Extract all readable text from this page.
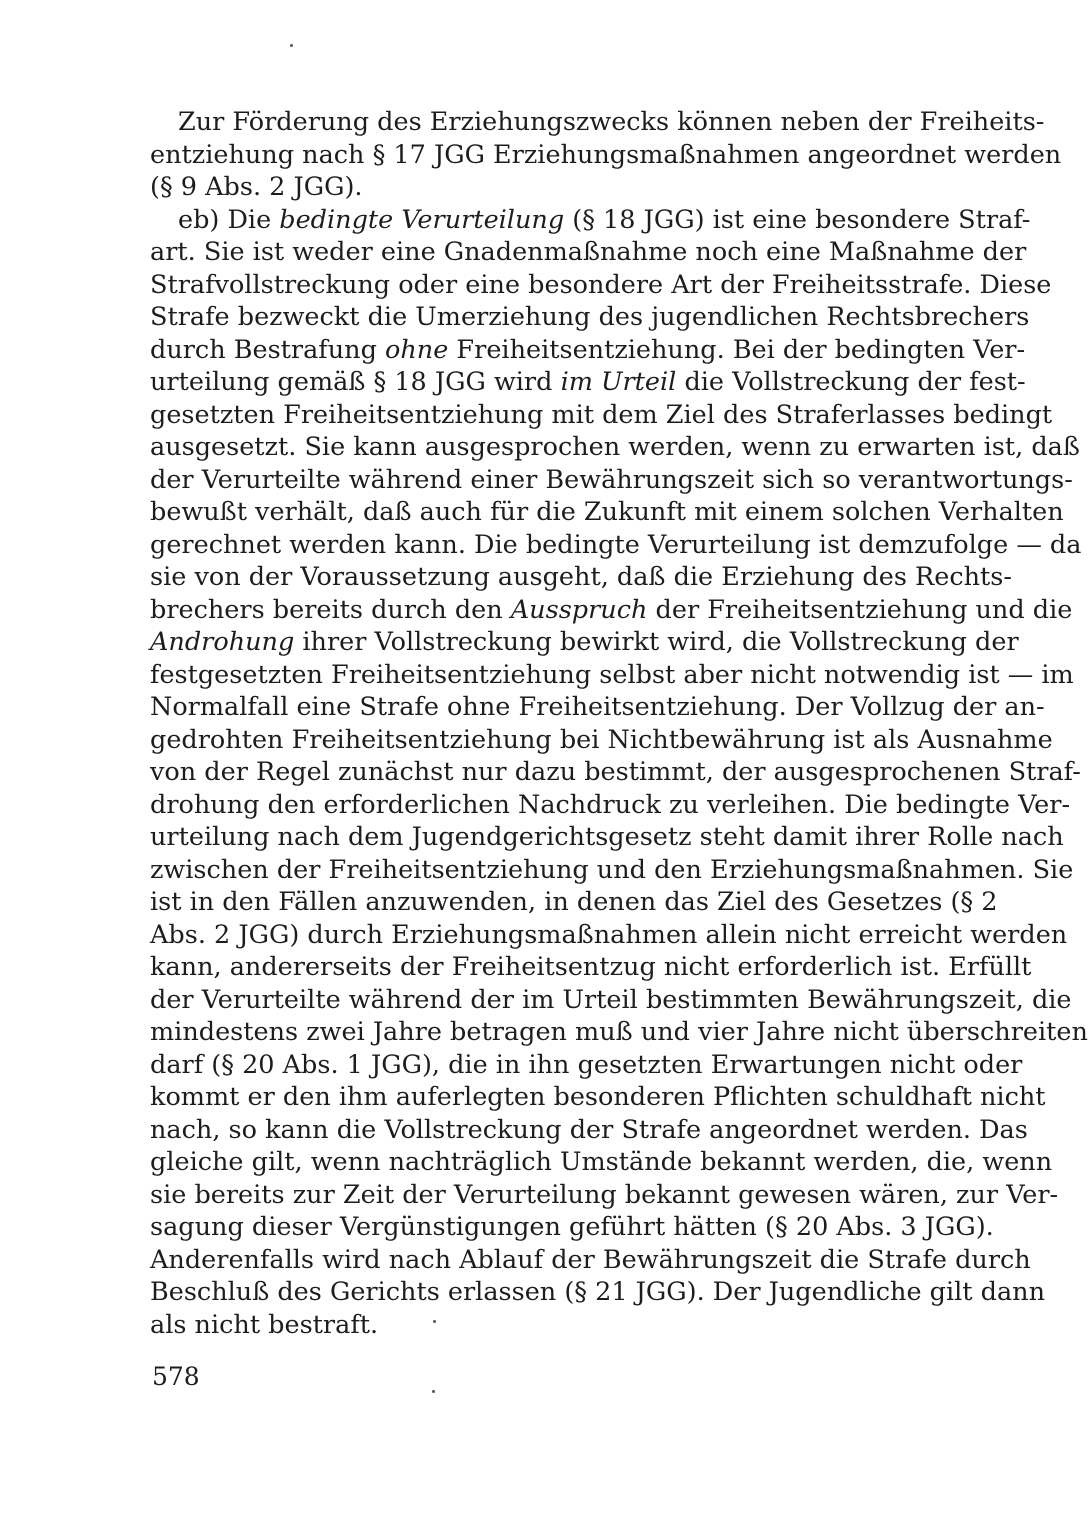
Zur Förderung des Erziehungszwecks können neben der Freiheits-
entziehung nach § 17 JGG Erziehungsmaßnahmen angeordnet werden
(§ 9 Abs. 2 JGG).

eb) Die bedingte Verurteilung (§ 18 JGG) ist eine besondere Straf-
art. Sie ist weder eine Gnadenmaßnahme noch eine Maßnahme der
Strafvollstreckung oder eine besondere Art der Freiheitsstrafe. Diese
Strafe bezweckt die Umerziehung des jugendlichen Rechtsbrechers
durch Bestrafung ohne Freiheitsentziehung. Bei der bedingten Ver-
urteilung gemäß § 18 JGG wird im Urteil die Vollstreckung der fest-
gesetzten Freiheitsentziehung mit dem Ziel des Straferlasses bedingt
ausgesetzt. Sie kann ausgesprochen werden, wenn zu erwarten ist, daß
der Verurteilte während einer Bewährungszeit sich so verantwortungs-
bewußt verhält, daß auch für die Zukunft mit einem solchen Verhalten
gerechnet werden kann. Die bedingte Verurteilung ist demzufolge — da
sie von der Voraussetzung ausgeht, daß die Erziehung des Rechts-
brechers bereits durch den Ausspruch der Freiheitsentziehung und die
Androhung ihrer Vollstreckung bewirkt wird, die Vollstreckung der
festgesetzten Freiheitsentziehung selbst aber nicht notwendig ist — im
Normalfall eine Strafe ohne Freiheitsentziehung. Der Vollzug der an-
gedrohten Freiheitsentziehung bei Nichtbewährung ist als Ausnahme
von der Regel zunächst nur dazu bestimmt, der ausgesprochenen Straf-
drohung den erforderlichen Nachdruck zu verleihen. Die bedingte Ver-
urteilung nach dem Jugendgerichtsgesetz steht damit ihrer Rolle nach
zwischen der Freiheitsentziehung und den Erziehungsmaßnahmen. Sie
ist in den Fällen anzuwenden, in denen das Ziel des Gesetzes (§ 2
Abs. 2 JGG) durch Erziehungsmaßnahmen allein nicht erreicht werden
kann, andererseits der Freiheitsentzug nicht erforderlich ist. Erfüllt
der Verurteilte während der im Urteil bestimmten Bewährungszeit, die
mindestens zwei Jahre betragen muß und vier Jahre nicht überschreiten
darf (§ 20 Abs. 1 JGG), die in ihn gesetzten Erwartungen nicht oder
kommt er den ihm auferlegten besonderen Pflichten schuldhaft nicht
nach, so kann die Vollstreckung der Strafe angeordnet werden. Das
gleiche gilt, wenn nachträglich Umstände bekannt werden, die, wenn
sie bereits zur Zeit der Verurteilung bekannt gewesen wären, zur Ver-
sagung dieser Vergünstigungen geführt hätten (§ 20 Abs. 3 JGG).
Anderenfalls wird nach Ablauf der Bewährungszeit die Strafe durch
Beschluß des Gerichts erlassen (§ 21 JGG). Der Jugendliche gilt dann
als nicht bestraft.

578
